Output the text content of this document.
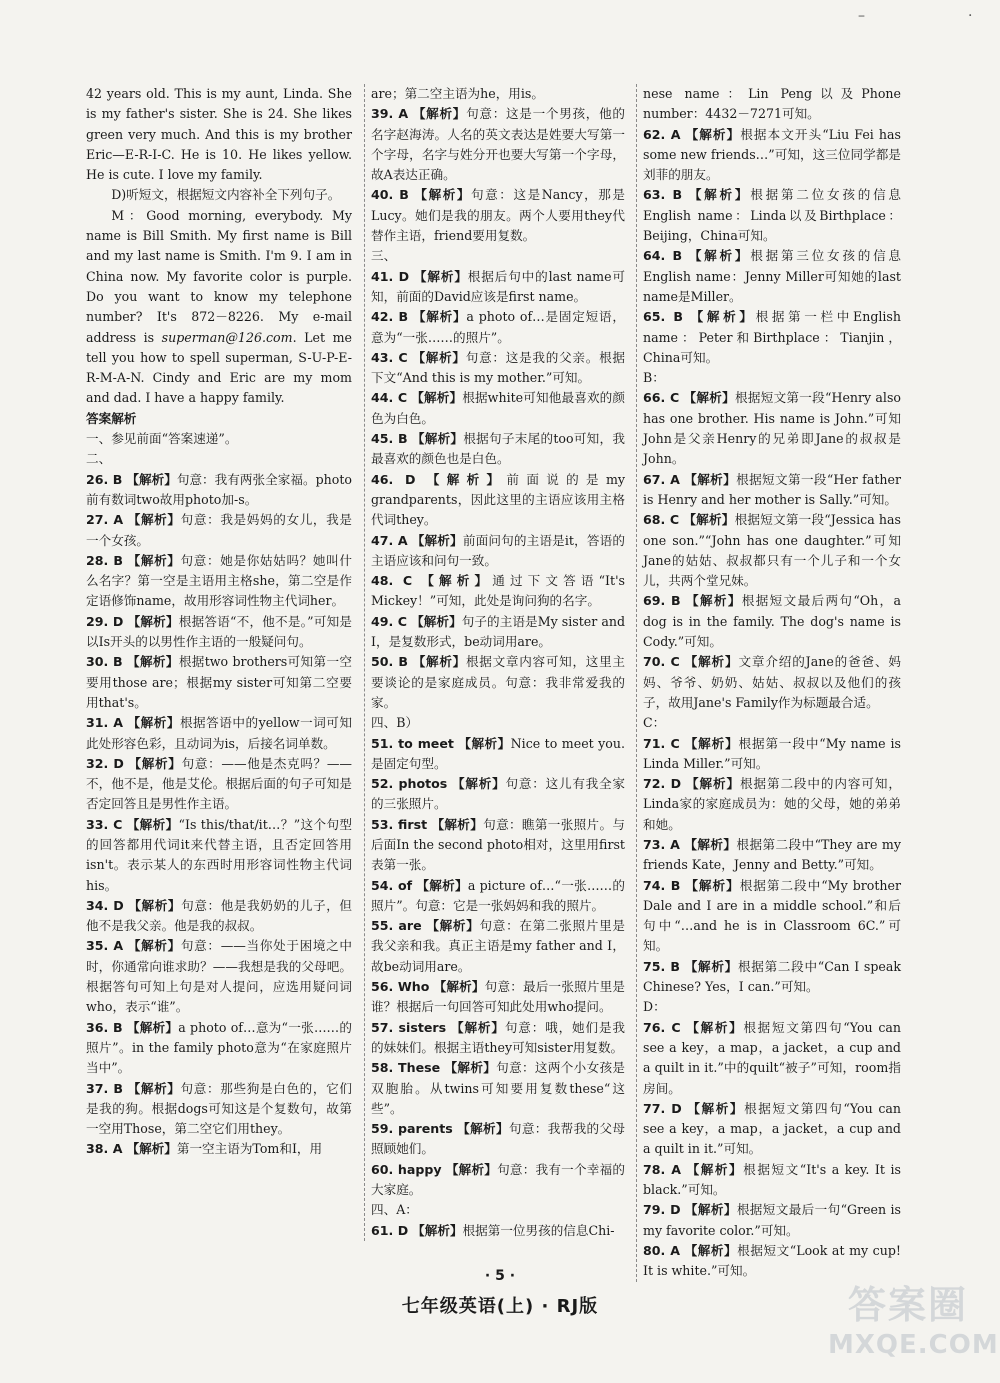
–	·

42 years old. This is my aunt, Linda. She is my father's sister. She is 24. She likes green very much. And this is my brother Eric—E-R-I-C. He is 10. He likes yellow. He is cute. I love my family.

D)听短文，根据短文内容补全下列句子。

M：Good morning, everybody. My name is Bill Smith. My first name is Bill and my last name is Smith. I'm 9. I am in China now. My favorite color is purple. Do you want to know my telephone number? It's 872－8226. My e-mail address is superman@126.com. Let me tell you how to spell superman, S-U-P-E-R-M-A-N. Cindy and Eric are my mom and dad. I have a happy family.

答案解析

一、参见前面“答案速递”。

二、

26. B 【解析】句意：我有两张全家福。photo前有数词two故用photo加-s。

27. A 【解析】句意：我是妈妈的女儿，我是一个女孩。

28. B 【解析】句意：她是你姑姑吗？她叫什么名字？第一空是主语用主格she，第二空是作定语修饰name，故用形容词性物主代词her。

29. D 【解析】根据答语“不，他不是。”可知是以Is开头的以男性作主语的一般疑问句。

30. B 【解析】根据two brothers可知第一空要用those are；根据my sister可知第二空要用that's。

31. A 【解析】根据答语中的yellow一词可知此处形容色彩，且动词为is，后接名词单数。

32. D 【解析】句意：——他是杰克吗？——不，他不是，他是艾伦。根据后面的句子可知是否定回答且是男性作主语。

33. C 【解析】“Is this/that/it…？”这个句型的回答都用代词it来代替主语，且否定回答用isn't。表示某人的东西时用形容词性物主代词his。

34. D 【解析】句意：他是我奶奶的儿子，但他不是我父亲。他是我的叔叔。

35. A 【解析】句意：——当你处于困境之中时，你通常向谁求助？——我想是我的父母吧。根据答句可知上句是对人提问，应选用疑问词who，表示“谁”。

36. B 【解析】a photo of…意为“一张……的照片”。in the family photo意为“在家庭照片当中”。

37. B 【解析】句意：那些狗是白色的，它们是我的狗。根据dogs可知这是个复数句，故第一空用Those，第二空它们用they。

38. A 【解析】第一空主语为Tom和I，用

are；第二空主语为he，用is。

39. A 【解析】句意：这是一个男孩，他的名字赵海涛。人名的英文表达是姓要大写第一个字母，名字与姓分开也要大写第一个字母，故A表达正确。

40. B 【解析】句意：这是Nancy，那是Lucy。她们是我的朋友。两个人要用they代替作主语，friend要用复数。

三、

41. D 【解析】根据后句中的last name可知，前面的David应该是first name。

42. B 【解析】a photo of…是固定短语，意为“一张……的照片”。

43. C 【解析】句意：这是我的父亲。根据下文“And this is my mother.”可知。

44. C 【解析】根据white可知他最喜欢的颜色为白色。

45. B 【解析】根据句子末尾的too可知，我最喜欢的颜色也是白色。

46. D 【解析】前面说的是my grandparents，因此这里的主语应该用主格代词they。

47. A 【解析】前面问句的主语是it，答语的主语应该和问句一致。

48. C 【解析】通过下文答语“It's Mickey！”可知，此处是询问狗的名字。

49. C 【解析】句子的主语是My sister and I，是复数形式，be动词用are。

50. B 【解析】根据文章内容可知，这里主要谈论的是家庭成员。句意：我非常爱我的家。

四、B）

51. to meet 【解析】Nice to meet you.是固定句型。

52. photos 【解析】句意：这儿有我全家的三张照片。

53. first 【解析】句意：瞧第一张照片。与后面In the second photo相对，这里用first表第一张。

54. of 【解析】a picture of…“一张……的照片”。句意：它是一张妈妈和我的照片。

55. are 【解析】句意：在第二张照片里是我父亲和我。真正主语是my father and I，故be动词用are。

56. Who 【解析】句意：最后一张照片里是谁？根据后一句回答可知此处用who提问。

57. sisters 【解析】句意：哦，她们是我的妹妹们。根据主语they可知sister用复数。

58. These 【解析】句意：这两个小女孩是双胞胎。从twins可知要用复数these“这些”。

59. parents 【解析】句意：我帮我的父母照顾她们。

60. happy 【解析】句意：我有一个幸福的大家庭。

四、A：

61. D 【解析】根据第一位男孩的信息Chi-

nese name：Lin Peng以及Phone number：4432－7271可知。

62. A 【解析】根据本文开头“Liu Fei has some new friends…”可知，这三位同学都是刘菲的朋友。

63. B 【解析】根据第二位女孩的信息English name：Linda以及Birthplace：Beijing，China可知。

64. B 【解析】根据第三位女孩的信息English name：Jenny Miller可知她的last name是Miller。

65. B 【解析】根据第一栏中English name：Peter和Birthplace：Tianjin，China可知。

B：

66. C 【解析】根据短文第一段“Henry also has one brother. His name is John.”可知John是父亲Henry的兄弟即Jane的叔叔是John。

67. A 【解析】根据短文第一段“Her father is Henry and her mother is Sally.”可知。

68. C 【解析】根据短文第一段“Jessica has one son.”“John has one daughter.”可知Jane的姑姑、叔叔都只有一个儿子和一个女儿，共两个堂兄妹。

69. B 【解析】根据短文最后两句“Oh，a dog is in the family. The dog's name is Cody.”可知。

70. C 【解析】文章介绍的Jane的爸爸、妈妈、爷爷、奶奶、姑姑、叔叔以及他们的孩子，故用Jane's Family作为标题最合适。

C：

71. C 【解析】根据第一段中“My name is Linda Miller.”可知。

72. D 【解析】根据第二段中的内容可知，Linda家的家庭成员为：她的父母，她的弟弟和她。

73. A 【解析】根据第二段中“They are my friends Kate，Jenny and Betty.”可知。

74. B 【解析】根据第二段中“My brother Dale and I are in a middle school.”和后句中“…and he is in Classroom 6C.”可知。

75. B 【解析】根据第二段中“Can I speak Chinese? Yes，I can.”可知。

D：

76. C 【解析】根据短文第四句“You can see a key，a map，a jacket，a cup and a quilt in it.”中的quilt“被子”可知，room指房间。

77. D 【解析】根据短文第四句“You can see a key，a map，a jacket，a cup and a quilt in it.”可知。

78. A 【解析】根据短文“It's a key. It is black.”可知。

79. D 【解析】根据短文最后一句“Green is my favorite color.”可知。

80. A 【解析】根据短文“Look at my cup! It is white.”可知。

· 5 ·
七年级英语(上) · RJ版	答案圈
MXQE.COM
